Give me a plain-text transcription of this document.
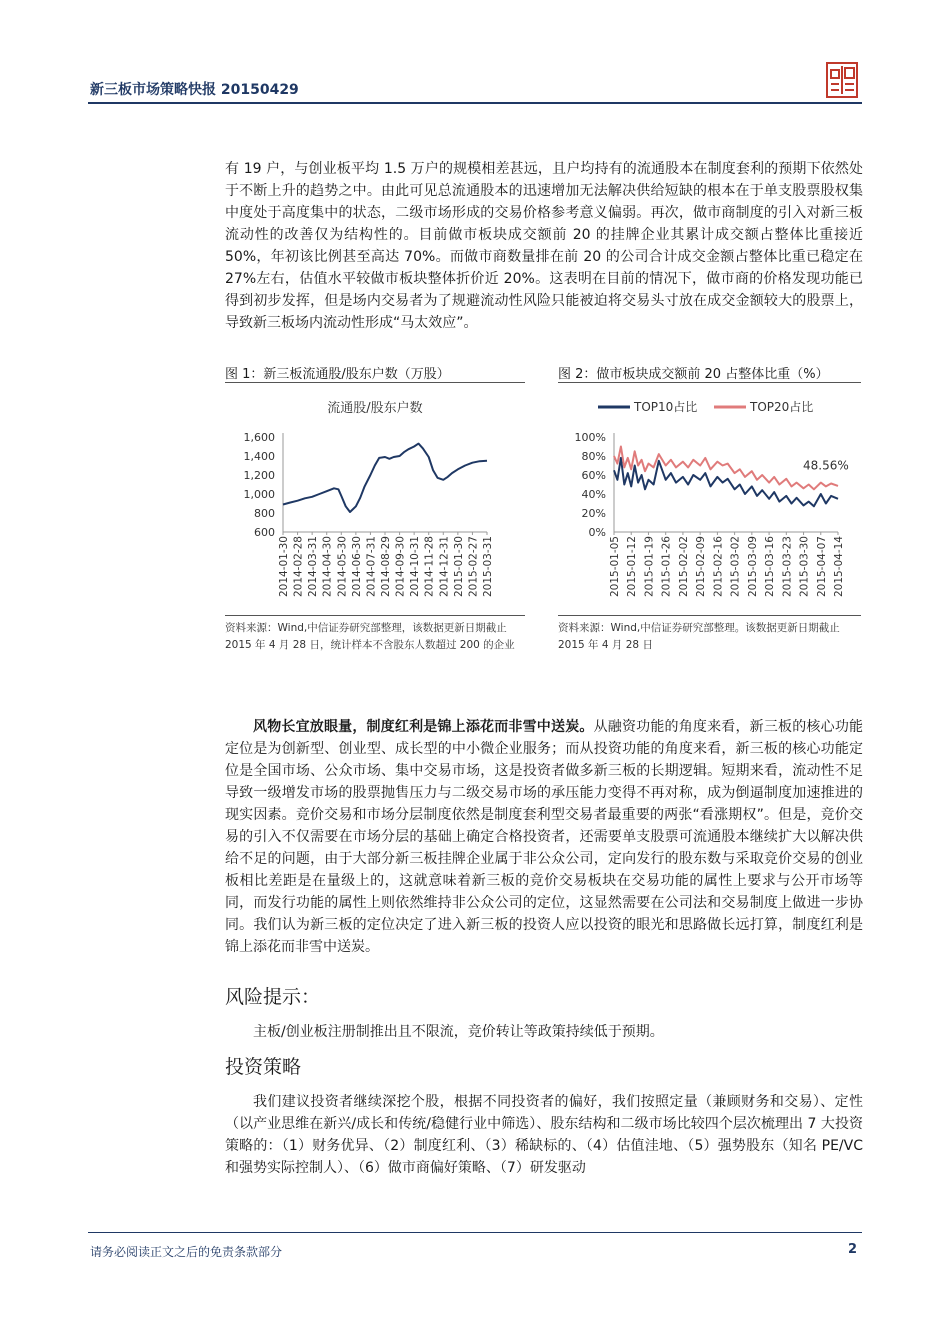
新三板市场策略快报 20150429
有 19 户，与创业板平均 1.5 万户的规模相差甚远，且户均持有的流通股本在制度套利的预期下依然处于不断上升的趋势之中。由此可见总流通股本的迅速增加无法解决供给短缺的根本在于单支股票股权集中度处于高度集中的状态，二级市场形成的交易价格参考意义偏弱。再次，做市商制度的引入对新三板流动性的改善仅为结构性的。目前做市板块成交额前 20 的挂牌企业其累计成交额占整体比重接近 50%，年初该比例甚至高达 70%。而做市商数量排在前 20 的公司合计成交金额占整体比重已稳定在 27%左右，估值水平较做市板块整体折价近 20%。这表明在目前的情况下，做市商的价格发现功能已得到初步发挥，但是场内交易者为了规避流动性风险只能被迫将交易头寸放在成交金额较大的股票上，导致新三板场内流动性形成“马太效应”。
图 1：新三板流通股/股东户数（万股）
流通股/股东户数
1,600
1,400
1,200
1,000
800
600
2014-01-30 2014-02-28 2014-03-31 2014-04-30 2014-05-30 2014-06-30 2014-07-31 2014-08-29 2014-09-30 2014-10-31 2014-11-28 2014-12-31 2015-01-30 2015-02-27 2015-03-31
资料来源：Wind,中信证券研究部整理，该数据更新日期截止 2015 年 4 月 28 日，统计样本不含股东人数超过 200 的企业
图 2：做市板块成交额前 20 占整体比重（%）
100%
80%
60%
40%
20%
0%
2015-01-05 2015-01-12 2015-01-19 2015-01-26 2015-02-02 2015-02-09 2015-02-16 2015-03-02 2015-03-09 2015-03-16 2015-03-23 2015-03-30 2015-04-07 2015-04-14
TOP10占比	TOP20占比
48.56%
资料来源：Wind,中信证券研究部整理。该数据更新日期截止 2015 年 4 月 28 日
风物长宜放眼量，制度红利是锦上添花而非雪中送炭。从融资功能的角度来看，新三板的核心功能定位是为创新型、创业型、成长型的中小微企业服务；而从投资功能的角度来看，新三板的核心功能定位是全国市场、公众市场、集中交易市场，这是投资者做多新三板的长期逻辑。短期来看，流动性不足导致一级增发市场的股票抛售压力与二级交易市场的承压能力变得不再对称，成为倒逼制度加速推进的现实因素。竞价交易和市场分层制度依然是制度套利型交易者最重要的两张“看涨期权”。但是，竞价交易的引入不仅需要在市场分层的基础上确定合格投资者，还需要单支股票可流通股本继续扩大以解决供给不足的问题，由于大部分新三板挂牌企业属于非公众公司，定向发行的股东数与采取竞价交易的创业板相比差距是在量级上的，这就意味着新三板的竞价交易板块在交易功能的属性上要求与公开市场等同，而发行功能的属性上则依然维持非公众公司的定位，这显然需要在公司法和交易制度上做进一步协同。我们认为新三板的定位决定了进入新三板的投资人应以投资的眼光和思路做长远打算，制度红利是锦上添花而非雪中送炭。
风险提示：
主板/创业板注册制推出且不限流，竞价转让等政策持续低于预期。
投资策略
我们建议投资者继续深挖个股，根据不同投资者的偏好，我们按照定量（兼顾财务和交易）、定性（以产业思维在新兴/成长和传统/稳健行业中筛选）、股东结构和二级市场比较四个层次梳理出 7 大投资策略的：（1）财务优异、（2）制度红利、（3）稀缺标的、（4）估值洼地、（5）强势股东（知名 PE/VC 和强势实际控制人）、（6）做市商偏好策略、（7）研发驱动
请务必阅读正文之后的免责条款部分	2
